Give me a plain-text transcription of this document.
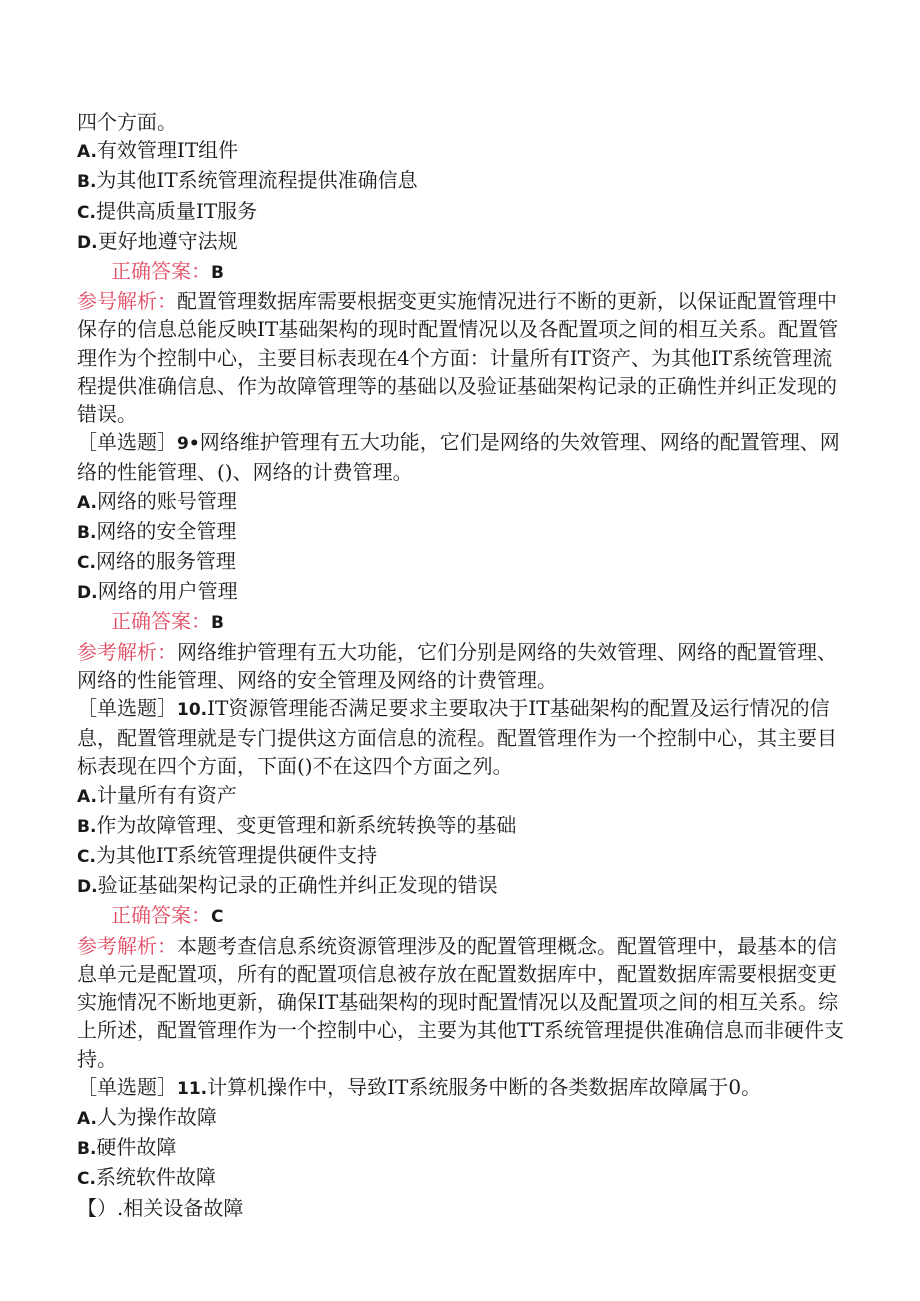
四个方面。
A.有效管理IT组件
B.为其他IT系统管理流程提供准确信息
C.提供高质量IT服务
D.更好地遵守法规
正确答案：B
参号解析：配置管理数据库需要根据变更实施情况进行不断的更新，以保证配置管理中保存的信息总能反映IT基础架构的现时配置情况以及各配置项之间的相互关系。配置管理作为个控制中心，主要目标表现在4个方面：计量所有IT资产、为其他IT系统管理流程提供准确信息、作为故障管理等的基础以及验证基础架构记录的正确性并纠正发现的错误。
［单选题］9•网络维护管理有五大功能，它们是网络的失效管理、网络的配置管理、网络的性能管理、()、网络的计费管理。
A.网络的账号管理
B.网络的安全管理
C.网络的服务管理
D.网络的用户管理
正确答案：B
参考解析：网络维护管理有五大功能，它们分别是网络的失效管理、网络的配置管理、网络的性能管理、网络的安全管理及网络的计费管理。
［单选题］10.IT资源管理能否满足要求主要取决于IT基础架构的配置及运行情况的信息，配置管理就是专门提供这方面信息的流程。配置管理作为一个控制中心，其主要目标表现在四个方面，下面()不在这四个方面之列。
A.计量所有有资产
B.作为故障管理、变更管理和新系统转换等的基础
C.为其他IT系统管理提供硬件支持
D.验证基础架构记录的正确性并纠正发现的错误
正确答案：C
参考解析：本题考查信息系统资源管理涉及的配置管理概念。配置管理中，最基本的信息单元是配置项，所有的配置项信息被存放在配置数据库中，配置数据库需要根据变更实施情况不断地更新，确保IT基础架构的现时配置情况以及配置项之间的相互关系。综上所述，配置管理作为一个控制中心，主要为其他TT系统管理提供准确信息而非硬件支持。
［单选题］11.计算机操作中，导致IT系统服务中断的各类数据库故障属于0。
A.人为操作故障
B.硬件故障
C.系统软件故障
【）.相关设备故障
